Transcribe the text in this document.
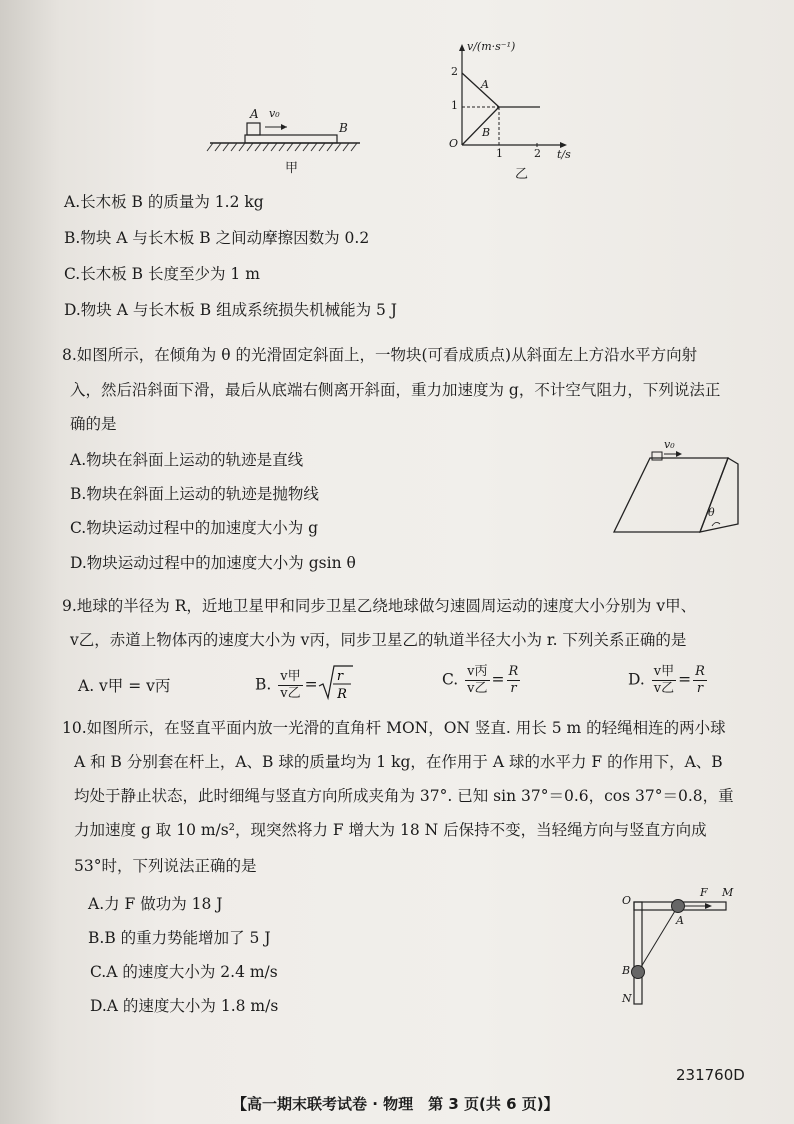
A v₀
B
甲
v/(m·s⁻¹)
2
1
O
A
B
1	2 t/s
乙
A.长木板 B 的质量为 1.2 kg
B.物块 A 与长木板 B 之间动摩擦因数为 0.2
C.长木板 B 长度至少为 1 m
D.物块 A 与长木板 B 组成系统损失机械能为 5 J
8.如图所示，在倾角为 θ 的光滑固定斜面上，一物块(可看成质点)从斜面左上方沿水平方向射
入，然后沿斜面下滑，最后从底端右侧离开斜面，重力加速度为 g，不计空气阻力，下列说法正
确的是
A.物块在斜面上运动的轨迹是直线
B.物块在斜面上运动的轨迹是抛物线
C.物块运动过程中的加速度大小为 g
D.物块运动过程中的加速度大小为 gsin θ
v₀
θ
9.地球的半径为 R，近地卫星甲和同步卫星乙绕地球做匀速圆周运动的速度大小分别为 v甲、
v乙，赤道上物体丙的速度大小为 v丙，同步卫星乙的轨道半径大小为 r. 下列关系正确的是
A. v甲 = v丙	B. $\frac{\text{v甲}}{\text{v乙}} = r$
R
C. $\frac{\text{v丙}}{\text{v乙}} = \frac{R}{r}$	D. $\frac{\text{v甲}}{\text{v乙}} = \frac{R}{r}$
10.如图所示，在竖直平面内放一光滑的直角杆 MON，ON 竖直. 用长 5 m 的轻绳相连的两小球
A 和 B 分别套在杆上，A、B 球的质量均为 1 kg，在作用于 A 球的水平力 F 的作用下，A、B
均处于静止状态，此时细绳与竖直方向所成夹角为 37°. 已知 sin 37°＝0.6，cos 37°＝0.8，重
力加速度 g 取 10 m/s²，现突然将力 F 增大为 18 N 后保持不变，当轻绳方向与竖直方向成
53°时，下列说法正确的是
A.力 F 做功为 18 J
B.B 的重力势能增加了 5 J
C.A 的速度大小为 2.4 m/s
D.A 的速度大小为 1.8 m/s
O
F M
A
B
N
231760D
【高一期末联考试卷 · 物理　第 3 页(共 6 页)】
